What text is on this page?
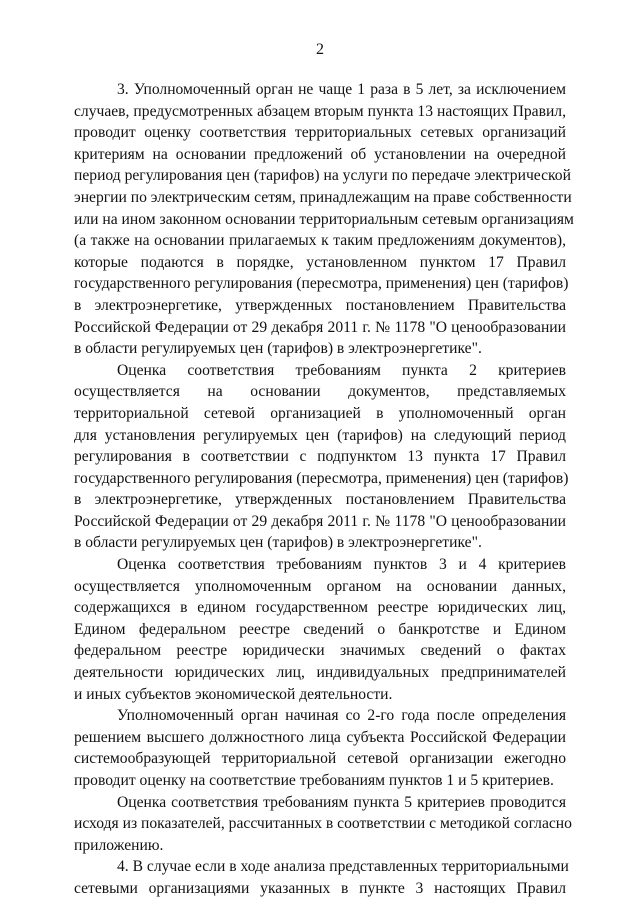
2
3. Уполномоченный орган не чаще 1 раза в 5 лет, за исключением
случаев, предусмотренных абзацем вторым пункта 13 настоящих Правил,
проводит оценку соответствия территориальных сетевых организаций
критериям на основании предложений об установлении на очередной
период регулирования цен (тарифов) на услуги по передаче электрической
энергии по электрическим сетям, принадлежащим на праве собственности
или на ином законном основании территориальным сетевым организациям
(а также на основании прилагаемых к таким предложениям документов),
которые подаются в порядке, установленном пунктом 17 Правил
государственного регулирования (пересмотра, применения) цен (тарифов)
в электроэнергетике, утвержденных постановлением Правительства
Российской Федерации от 29 декабря 2011 г. № 1178 "О ценообразовании
в области регулируемых цен (тарифов) в электроэнергетике".
Оценка соответствия требованиям пункта 2 критериев
осуществляется на основании документов, представляемых
территориальной сетевой организацией в уполномоченный орган
для установления регулируемых цен (тарифов) на следующий период
регулирования в соответствии с подпунктом 13 пункта 17 Правил
государственного регулирования (пересмотра, применения) цен (тарифов)
в электроэнергетике, утвержденных постановлением Правительства
Российской Федерации от 29 декабря 2011 г. № 1178 "О ценообразовании
в области регулируемых цен (тарифов) в электроэнергетике".
Оценка соответствия требованиям пунктов 3 и 4 критериев
осуществляется уполномоченным органом на основании данных,
содержащихся в едином государственном реестре юридических лиц,
Едином федеральном реестре сведений о банкротстве и Едином
федеральном реестре юридически значимых сведений о фактах
деятельности юридических лиц, индивидуальных предпринимателей
и иных субъектов экономической деятельности.
Уполномоченный орган начиная со 2-го года после определения
решением высшего должностного лица субъекта Российской Федерации
системообразующей территориальной сетевой организации ежегодно
проводит оценку на соответствие требованиям пунктов 1 и 5 критериев.
Оценка соответствия требованиям пункта 5 критериев проводится
исходя из показателей, рассчитанных в соответствии с методикой согласно
приложению.
4. В случае если в ходе анализа представленных территориальными
сетевыми организациями указанных в пункте 3 настоящих Правил
